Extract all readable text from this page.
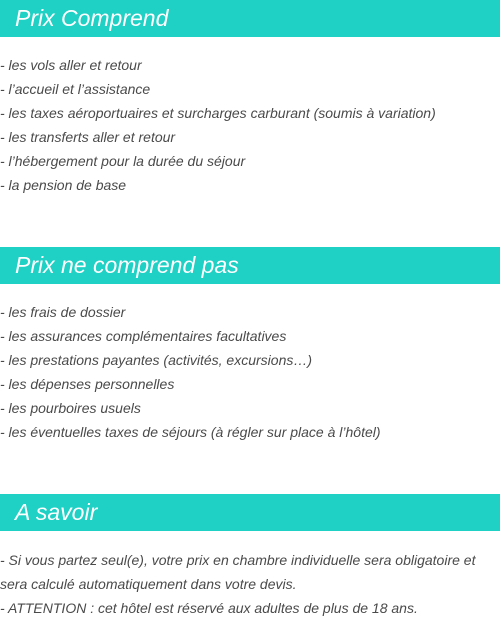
Prix Comprend
- les vols aller et retour
- l’accueil et l’assistance
- les taxes aéroportuaires et surcharges carburant (soumis à variation)
- les transferts aller et retour
- l’hébergement pour la durée du séjour
- la pension de base
Prix ne comprend pas
- les frais de dossier
- les assurances complémentaires facultatives
- les prestations payantes (activités, excursions…)
- les dépenses personnelles
- les pourboires usuels
- les éventuelles taxes de séjours (à régler sur place à l’hôtel)
A savoir

- Si vous partez seul(e), votre prix en chambre individuelle sera obligatoire et sera calculé automatiquement dans votre devis.

- ATTENTION : cet hôtel est réservé aux adultes de plus de 18 ans.
